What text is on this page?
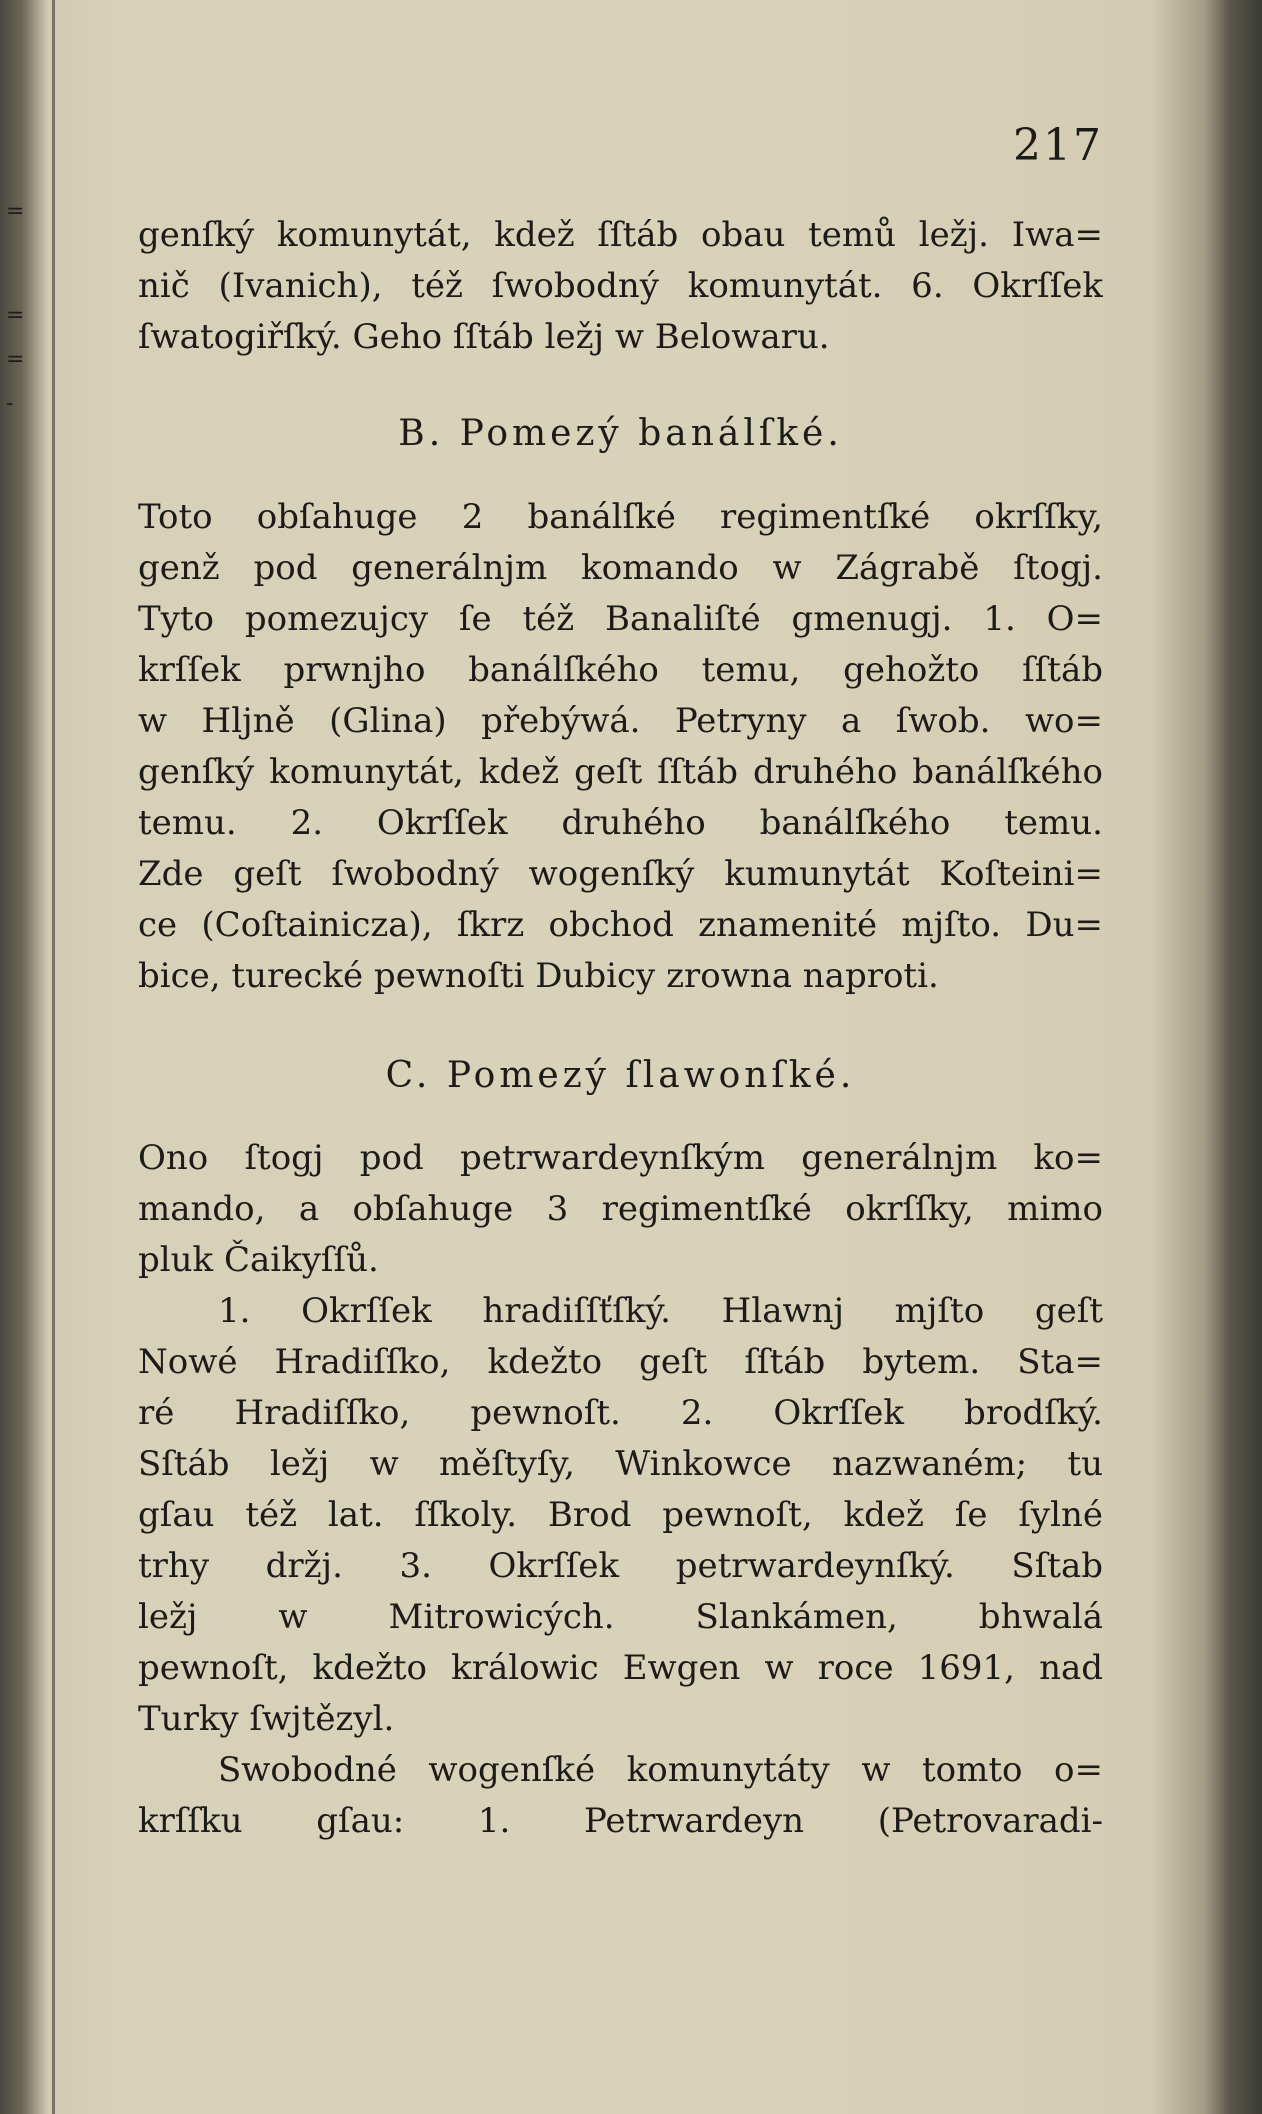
=
=
=
-
217
genſký komunytát, kdež ſſtáb obau temů ležj. Iwa=
nič (Ivanich), též ſwobodný komunytát. 6. Okrſſek
ſwatogiřſký. Geho ſſtáb ležj w Belowaru.
B. Pomezý banálſké.
Toto obſahuge 2 banálſké regimentſké okrſſky,
genž pod generálnjm komando w Zágrabě ſtogj.
Tyto pomezujcy ſe též Banaliſté gmenugj. 1. O=
krſſek prwnjho banálſkého temu, gehožto ſſtáb
w Hljně (Glina) přebýwá. Petryny a ſwob. wo=
genſký komunytát, kdež geſt ſſtáb druhého banálſkého
temu. 2. Okrſſek druhého banálſkého temu.
Zde geſt ſwobodný wogenſký kumunytát Koſteini=
ce (Coſtainicza), ſkrz obchod znamenité mjſto. Du=
bice, turecké pewnoſti Dubicy zrowna naproti.
C. Pomezý ſlawonſké.
Ono ſtogj pod petrwardeynſkým generálnjm ko=
mando, a obſahuge 3 regimentſké okrſſky, mimo
pluk Čaikyſſů.
1. Okrſſek hradiſſťſký. Hlawnj mjſto geſt
Nowé Hradiſſko, kdežto geſt ſſtáb bytem. Sta=
ré Hradiſſko, pewnoſt. 2. Okrſſek brodſký.
Sſtáb ležj w měſtyſy, Winkowce nazwaném; tu
gſau též lat. ſſkoly. Brod pewnoſt, kdež ſe ſylné
trhy držj. 3. Okrſſek petrwardeynſký. Sſtab
ležj w Mitrowicých. Slankámen, bhwalá
pewnoſt, kdežto králowic Ewgen w roce 1691, nad
Turky ſwjtězyl.
Swobodné wogenſké komunytáty w tomto o=
krſſku gſau: 1. Petrwardeyn (Petrovaradi-
